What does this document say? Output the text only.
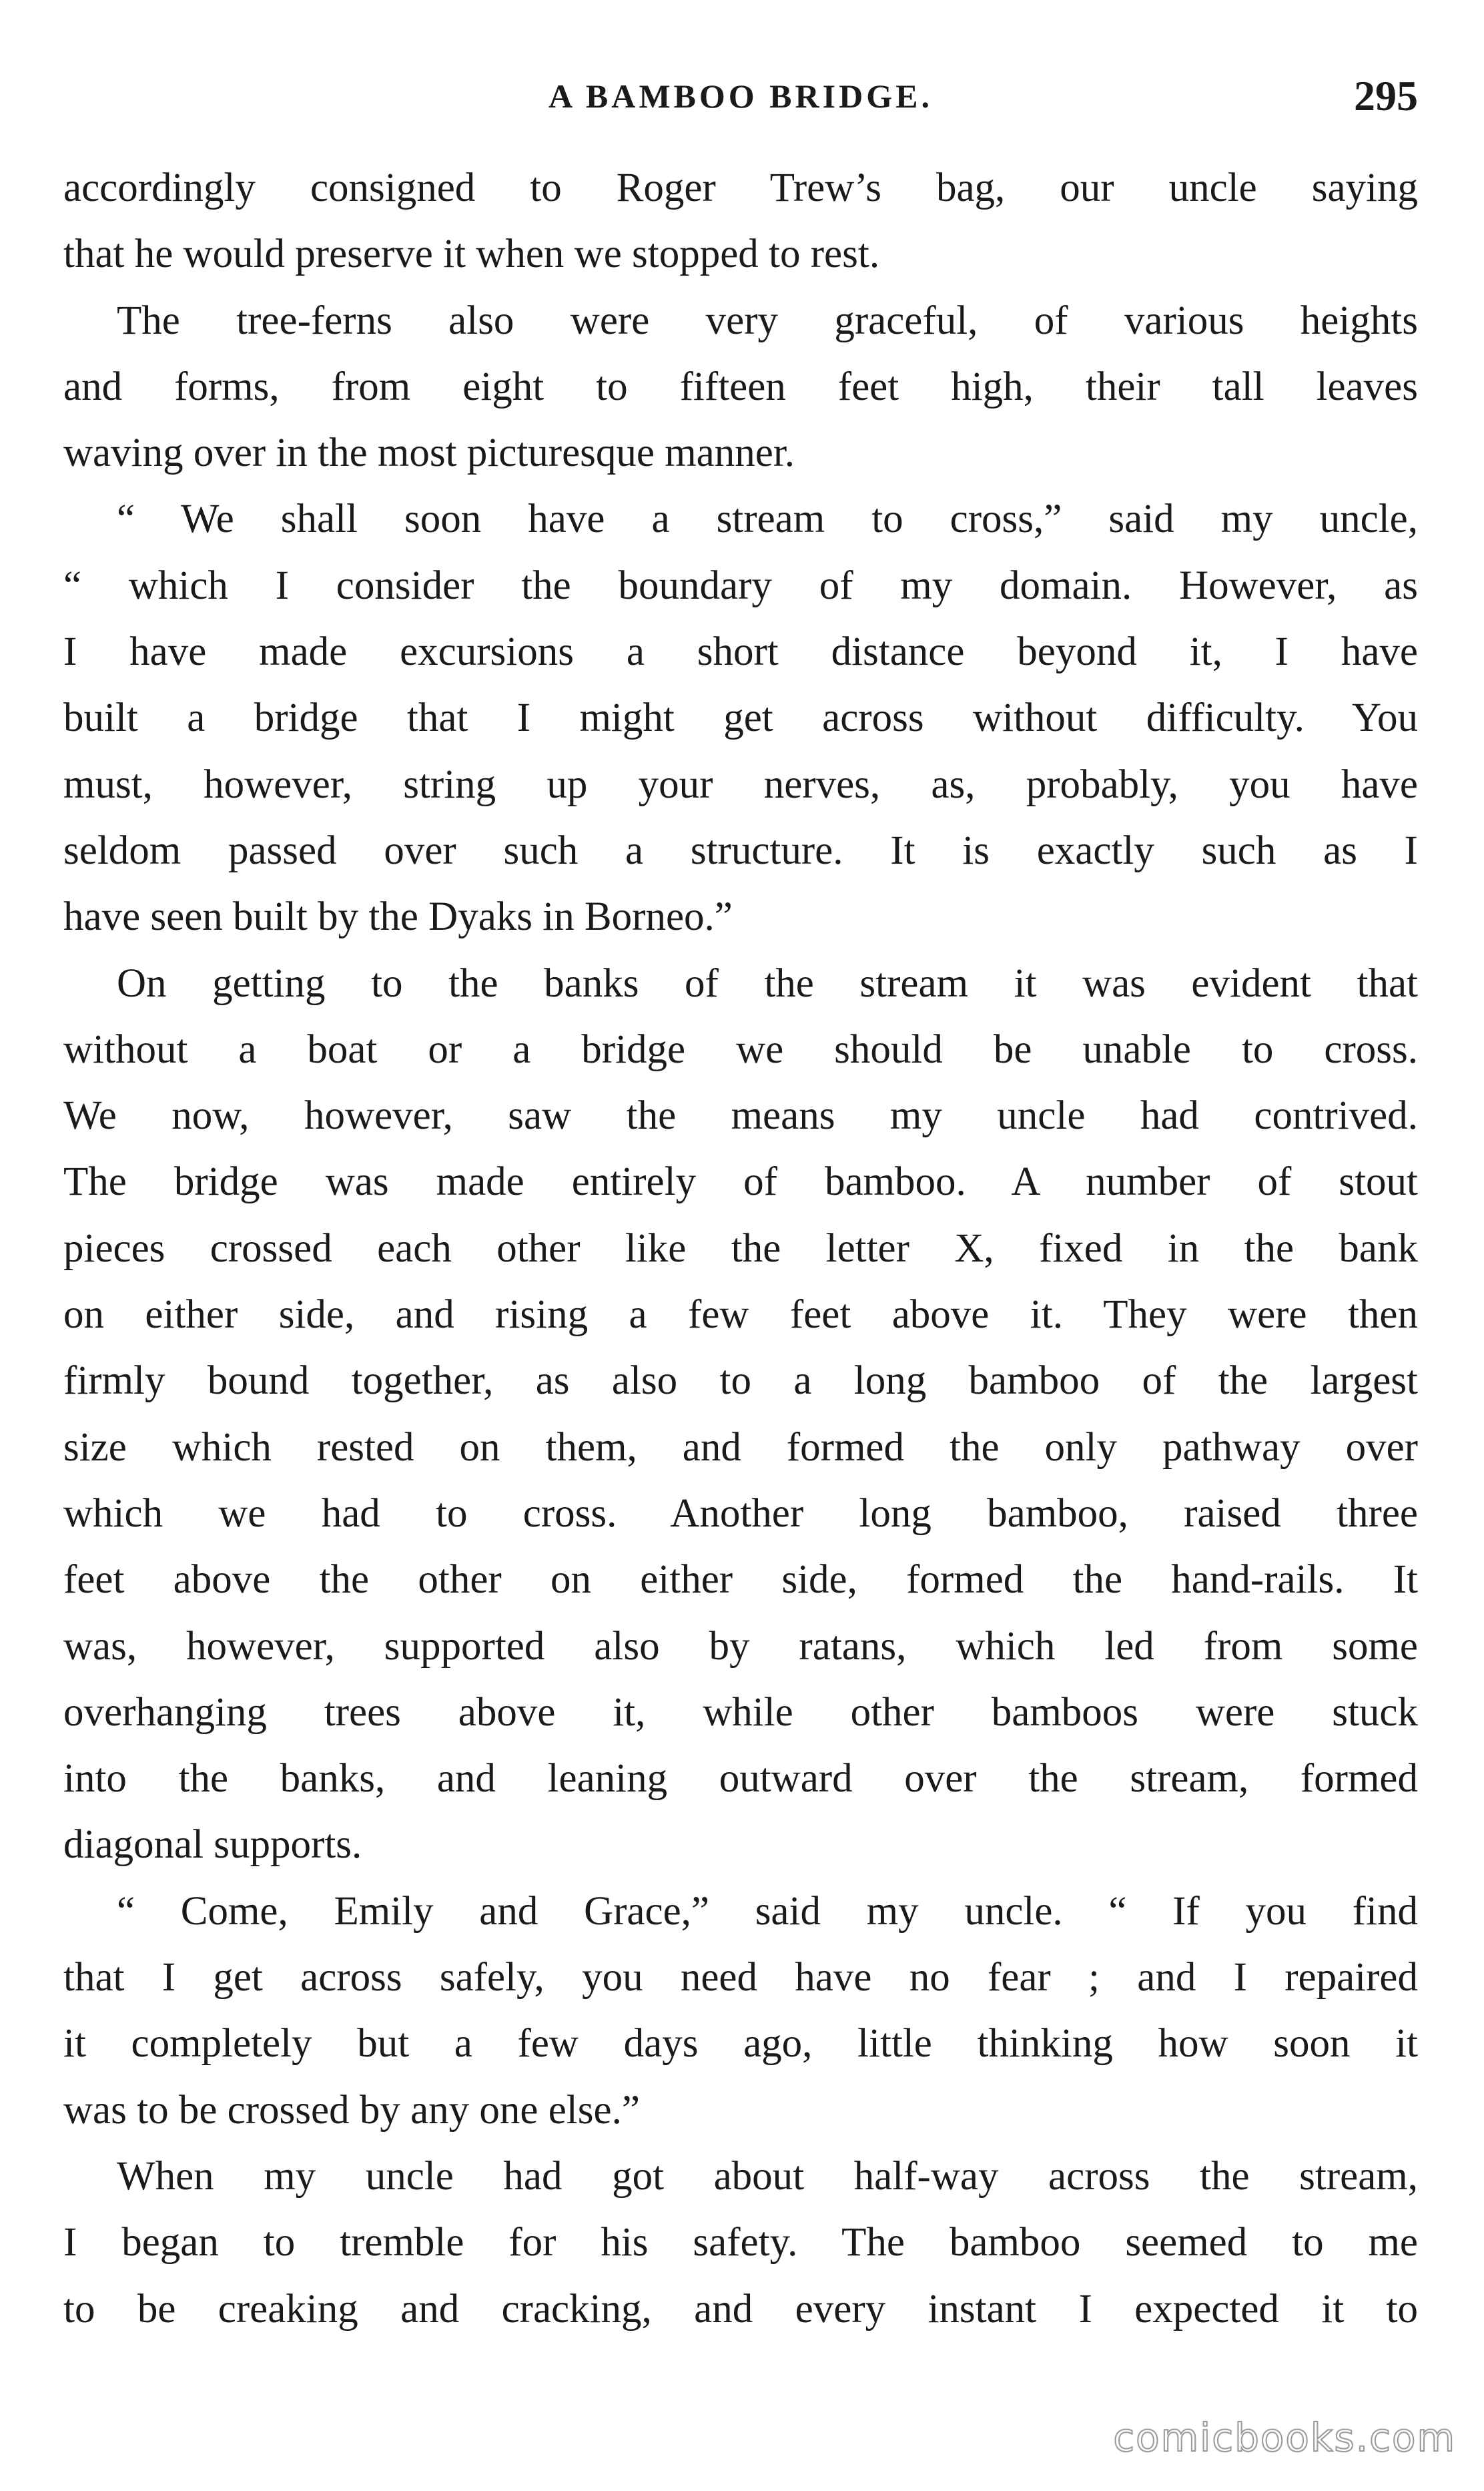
A BAMBOO BRIDGE.	295
accordingly consigned to Roger Trew’s bag, our uncle saying
that he would preserve it when we stopped to rest.
The tree-ferns also were very graceful, of various heights
and forms, from eight to fifteen feet high, their tall leaves
waving over in the most picturesque manner.
“ We shall soon have a stream to cross,” said my uncle,
“ which I consider the boundary of my domain. However, as
I have made excursions a short distance beyond it, I have
built a bridge that I might get across without difficulty. You
must, however, string up your nerves, as, probably, you have
seldom passed over such a structure. It is exactly such as I
have seen built by the Dyaks in Borneo.”
On getting to the banks of the stream it was evident that
without a boat or a bridge we should be unable to cross.
We now, however, saw the means my uncle had contrived.
The bridge was made entirely of bamboo. A number of stout
pieces crossed each other like the letter X, fixed in the bank
on either side, and rising a few feet above it. They were then
firmly bound together, as also to a long bamboo of the largest
size which rested on them, and formed the only pathway over
which we had to cross. Another long bamboo, raised three
feet above the other on either side, formed the hand-rails. It
was, however, supported also by ratans, which led from some
overhanging trees above it, while other bamboos were stuck
into the banks, and leaning outward over the stream, formed
diagonal supports.
“ Come, Emily and Grace,” said my uncle. “ If you find
that I get across safely, you need have no fear ; and I repaired
it completely but a few days ago, little thinking how soon it
was to be crossed by any one else.”
When my uncle had got about half-way across the stream,
I began to tremble for his safety. The bamboo seemed to me
to be creaking and cracking, and every instant I expected it to
comicbooks.com
